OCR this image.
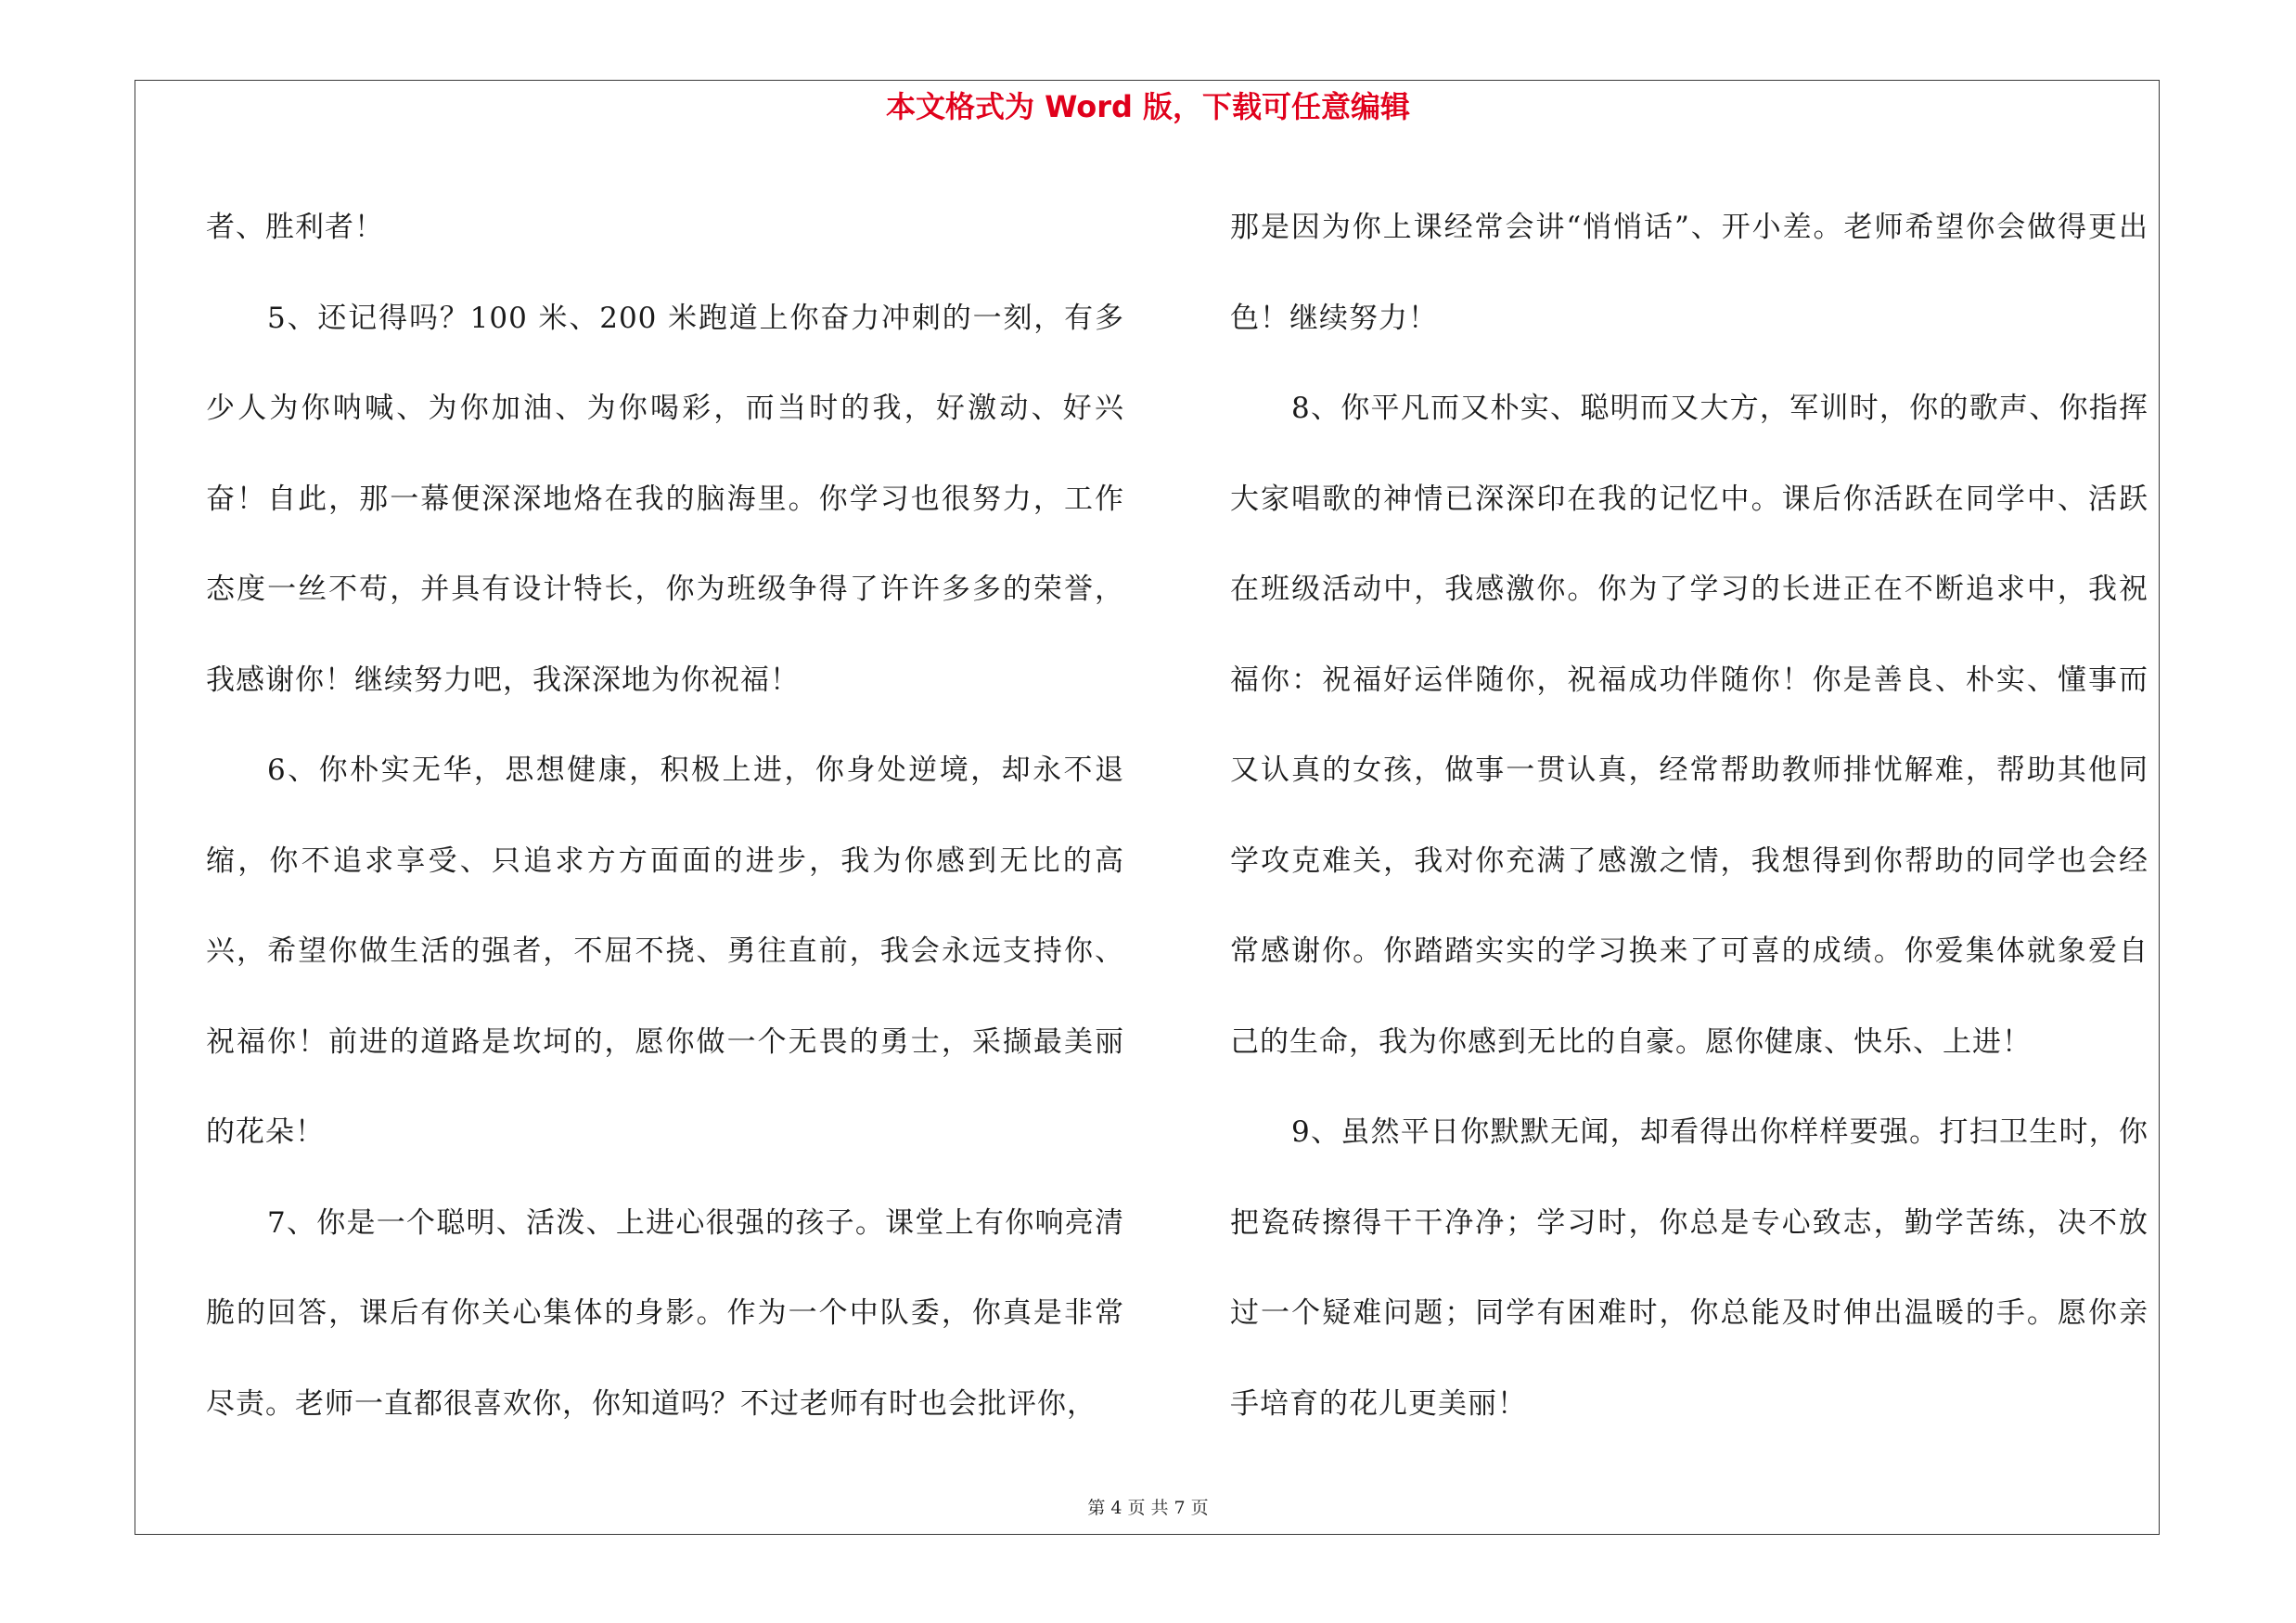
本文格式为 Word 版，下载可任意编辑

者、胜利者！

5、还记得吗？100 米、200 米跑道上你奋力冲刺的一刻，有多少人为你呐喊、为你加油、为你喝彩，而当时的我，好激动、好兴奋！自此，那一幕便深深地烙在我的脑海里。你学习也很努力，工作态度一丝不苟，并具有设计特长，你为班级争得了许许多多的荣誉，我感谢你！继续努力吧，我深深地为你祝福！

6、你朴实无华，思想健康，积极上进，你身处逆境，却永不退缩，你不追求享受、只追求方方面面的进步，我为你感到无比的高兴，希望你做生活的强者，不屈不挠、勇往直前，我会永远支持你、祝福你！前进的道路是坎坷的，愿你做一个无畏的勇士，采撷最美丽的花朵！

7、你是一个聪明、活泼、上进心很强的孩子。课堂上有你响亮清脆的回答，课后有你关心集体的身影。作为一个中队委，你真是非常尽责。老师一直都很喜欢你，你知道吗？不过老师有时也会批评你，

那是因为你上课经常会讲“悄悄话”、开小差。老师希望你会做得更出色！继续努力！

8、你平凡而又朴实、聪明而又大方，军训时，你的歌声、你指挥大家唱歌的神情已深深印在我的记忆中。课后你活跃在同学中、活跃在班级活动中，我感激你。你为了学习的长进正在不断追求中，我祝福你：祝福好运伴随你，祝福成功伴随你！你是善良、朴实、懂事而又认真的女孩，做事一贯认真，经常帮助教师排忧解难，帮助其他同学攻克难关，我对你充满了感激之情，我想得到你帮助的同学也会经常感谢你。你踏踏实实的学习换来了可喜的成绩。你爱集体就象爱自己的生命，我为你感到无比的自豪。愿你健康、快乐、上进！

9、虽然平日你默默无闻，却看得出你样样要强。打扫卫生时，你把瓷砖擦得干干净净；学习时，你总是专心致志，勤学苦练，决不放过一个疑难问题；同学有困难时，你总能及时伸出温暖的手。愿你亲手培育的花儿更美丽！

第 4 页 共 7 页
